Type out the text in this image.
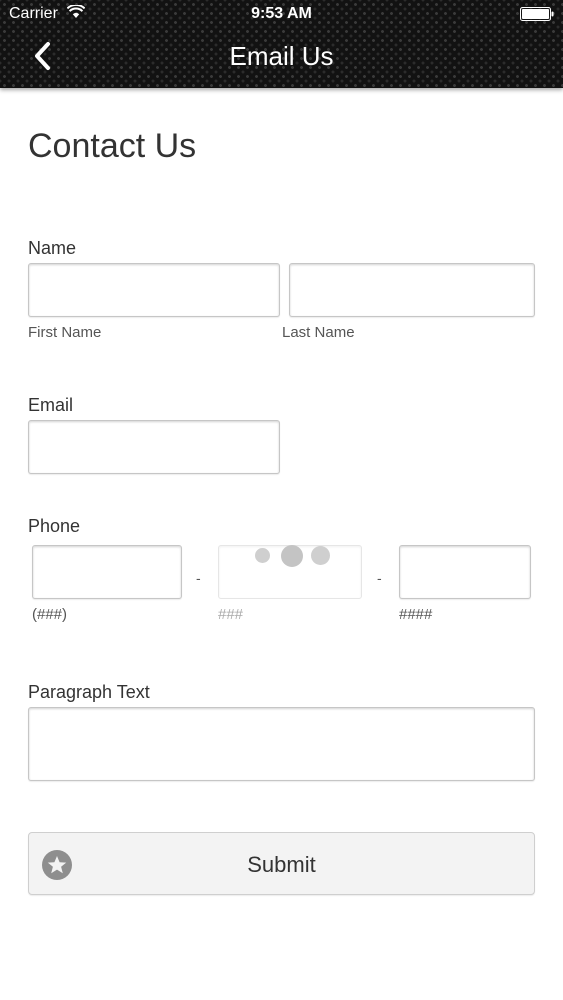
Carrier	9:53 AM
Email Us
Contact Us
Name
First Name	Last Name
Email
Phone
-	-
(###)	###	####
Paragraph Text
Submit
